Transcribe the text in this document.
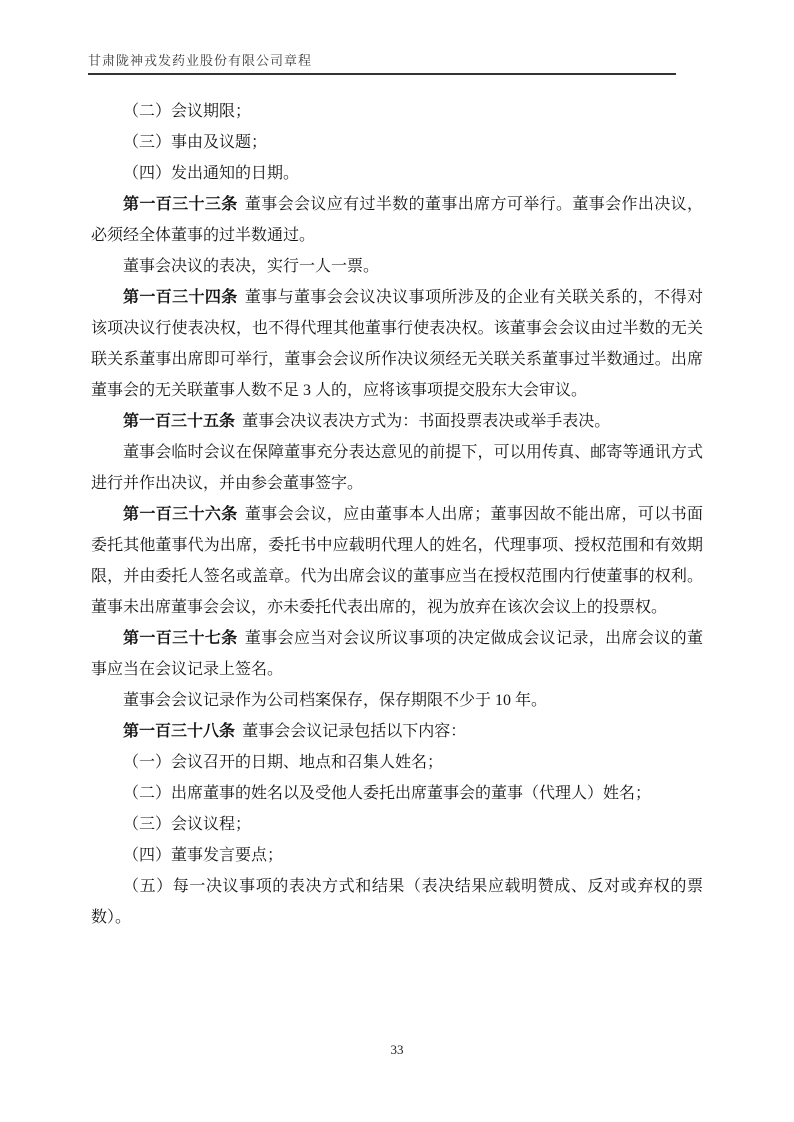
甘肃陇神戎发药业股份有限公司章程

（二）会议期限；

（三）事由及议题；

（四）发出通知的日期。

第一百三十三条 董事会会议应有过半数的董事出席方可举行。董事会作出决议，必须经全体董事的过半数通过。

董事会决议的表决，实行一人一票。

第一百三十四条 董事与董事会会议决议事项所涉及的企业有关联关系的，不得对该项决议行使表决权，也不得代理其他董事行使表决权。该董事会会议由过半数的无关联关系董事出席即可举行，董事会会议所作决议须经无关联关系董事过半数通过。出席董事会的无关联董事人数不足 3 人的，应将该事项提交股东大会审议。

第一百三十五条 董事会决议表决方式为：书面投票表决或举手表决。

董事会临时会议在保障董事充分表达意见的前提下，可以用传真、邮寄等通讯方式进行并作出决议，并由参会董事签字。

第一百三十六条 董事会会议，应由董事本人出席；董事因故不能出席，可以书面委托其他董事代为出席，委托书中应载明代理人的姓名，代理事项、授权范围和有效期限，并由委托人签名或盖章。代为出席会议的董事应当在授权范围内行使董事的权利。董事未出席董事会会议，亦未委托代表出席的，视为放弃在该次会议上的投票权。

第一百三十七条 董事会应当对会议所议事项的决定做成会议记录，出席会议的董事应当在会议记录上签名。

董事会会议记录作为公司档案保存，保存期限不少于 10 年。

第一百三十八条 董事会会议记录包括以下内容：

（一）会议召开的日期、地点和召集人姓名；

（二）出席董事的姓名以及受他人委托出席董事会的董事（代理人）姓名；

（三）会议议程；

（四）董事发言要点；

（五）每一决议事项的表决方式和结果（表决结果应载明赞成、反对或弃权的票数）。

33
